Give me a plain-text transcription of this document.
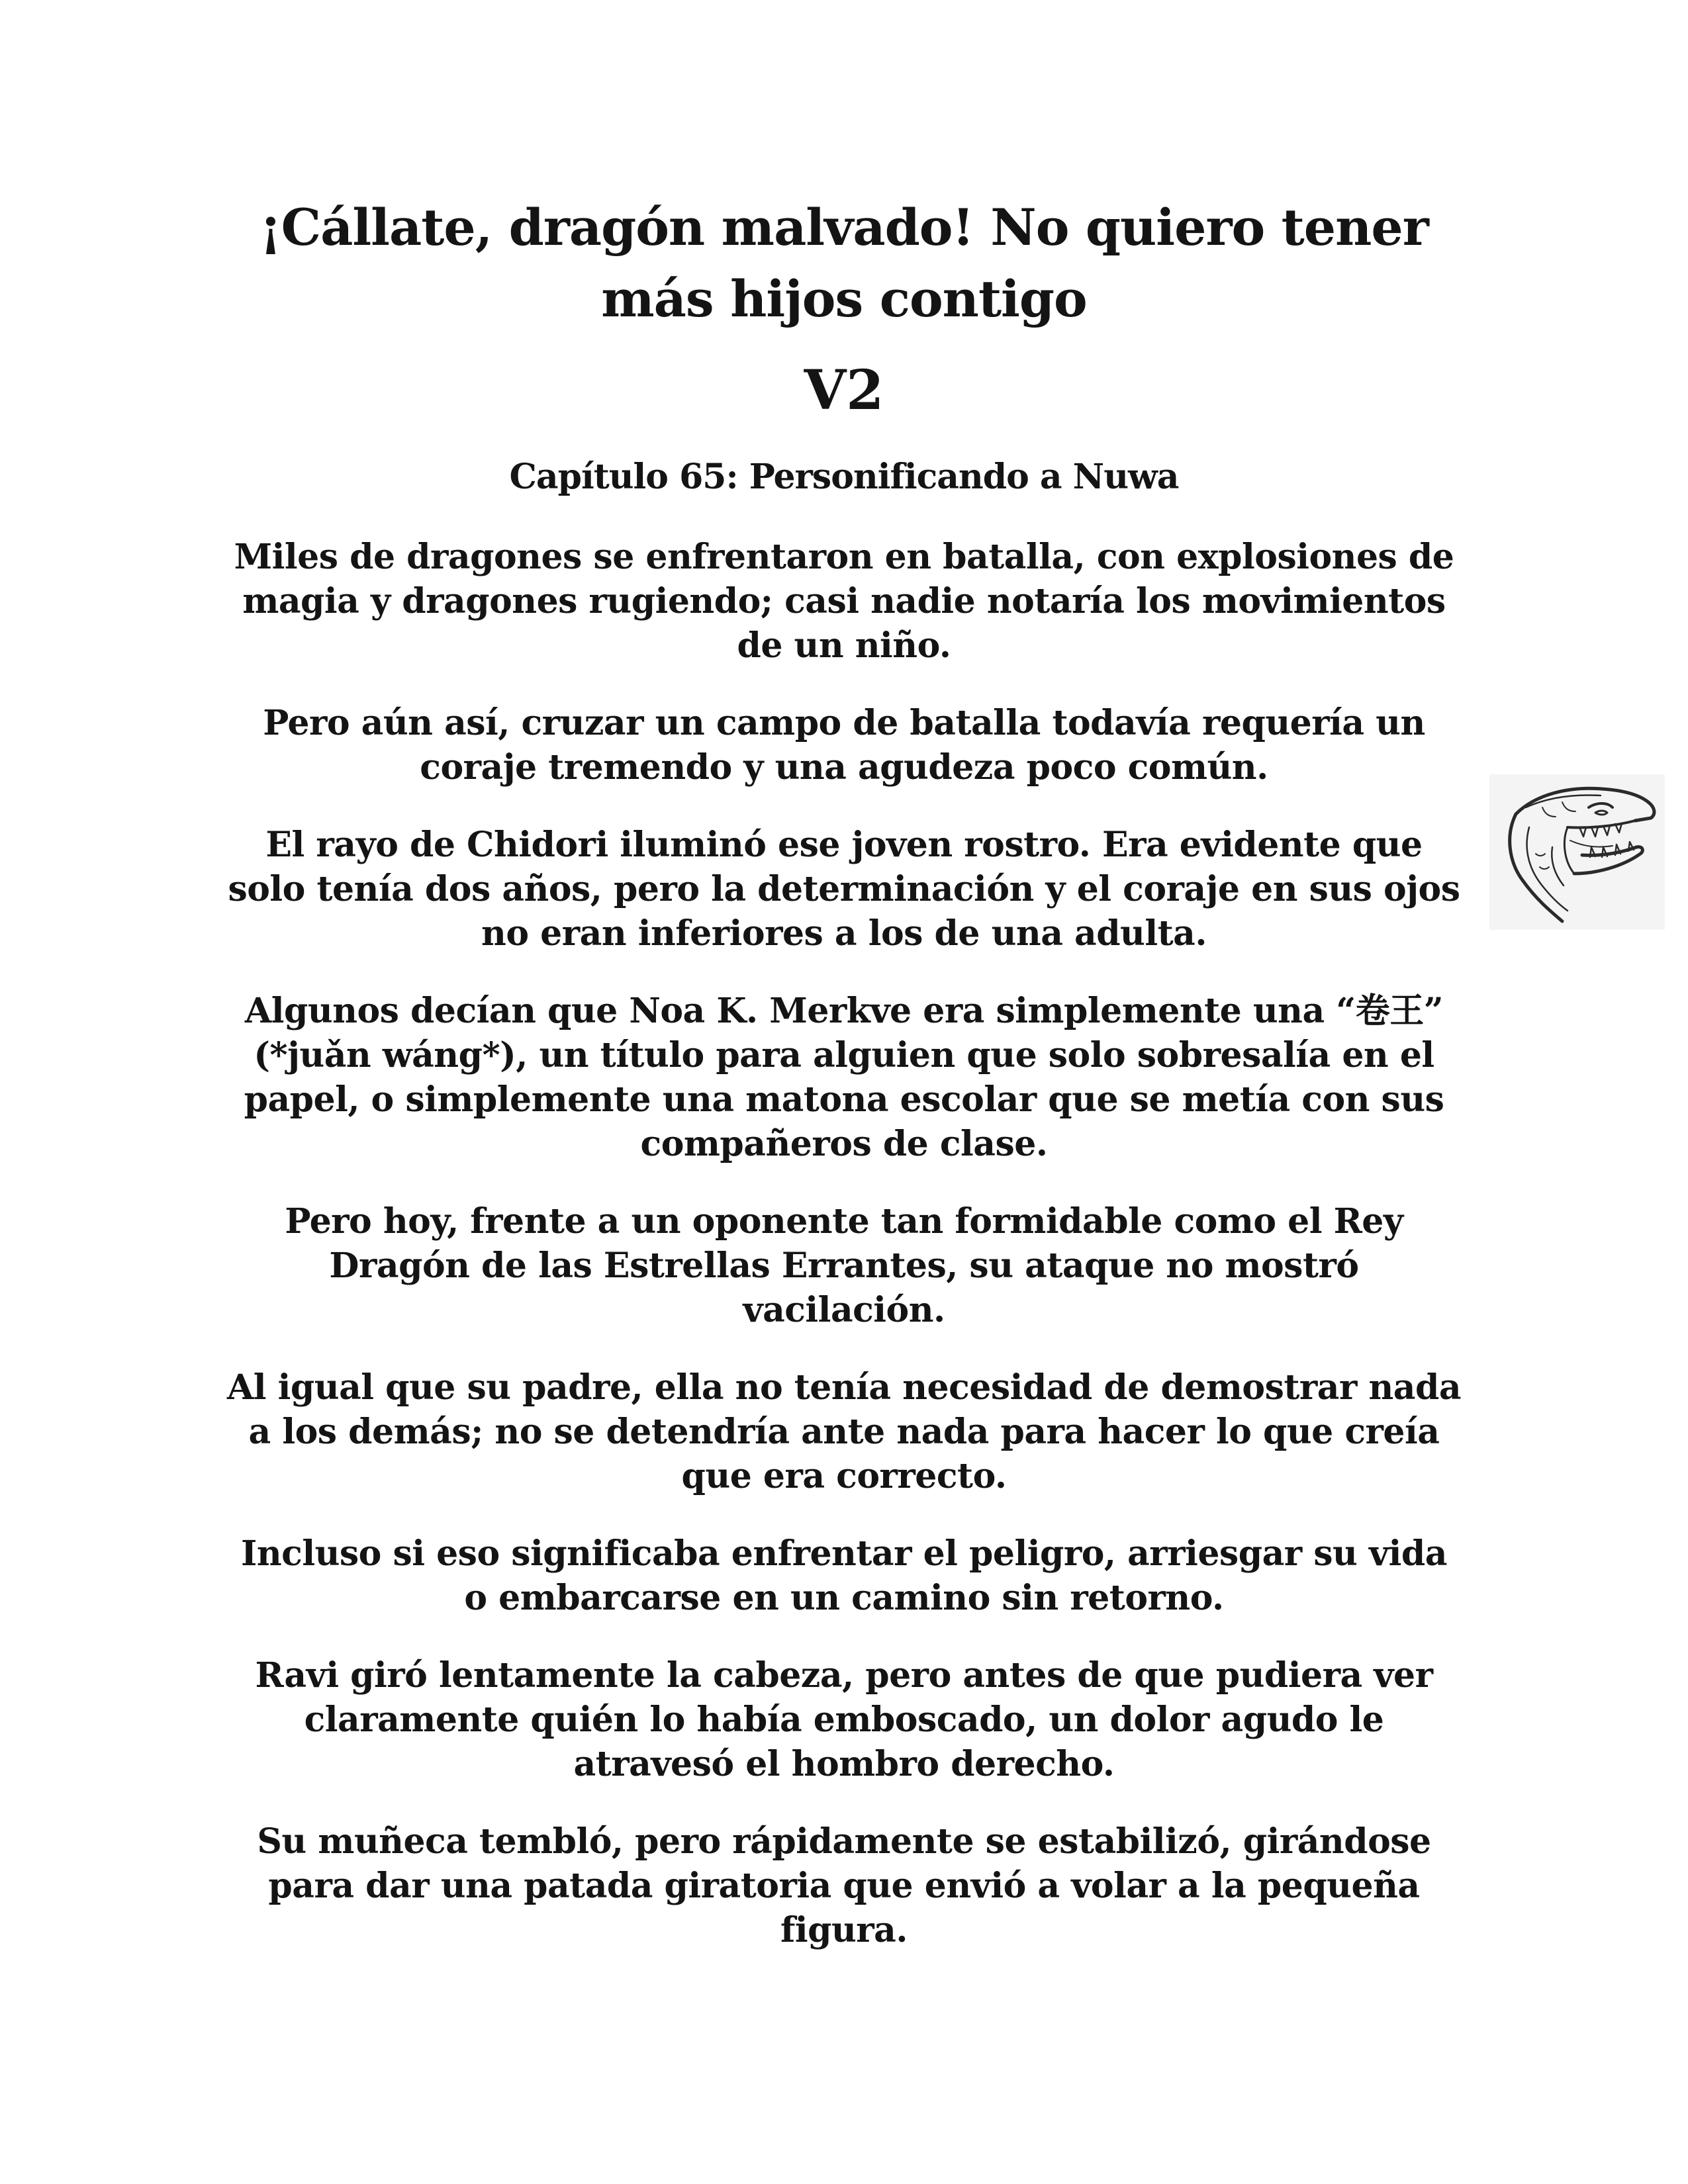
¡Cállate, dragón malvado! No quiero tener más hijos contigo
V2
Capítulo 65: Personificando a Nuwa

Miles de dragones se enfrentaron en batalla, con explosiones de magia y dragones rugiendo; casi nadie notaría los movimientos de un niño.

Pero aún así, cruzar un campo de batalla todavía requería un coraje tremendo y una agudeza poco común.

El rayo de Chidori iluminó ese joven rostro. Era evidente que solo tenía dos años, pero la determinación y el coraje en sus ojos no eran inferiores a los de una adulta.

Algunos decían que Noa K. Merkve era simplemente una “卷王” (*juǎn wáng*), un título para alguien que solo sobresalía en el papel, o simplemente una matona escolar que se metía con sus compañeros de clase.

Pero hoy, frente a un oponente tan formidable como el Rey Dragón de las Estrellas Errantes, su ataque no mostró vacilación.

Al igual que su padre, ella no tenía necesidad de demostrar nada a los demás; no se detendría ante nada para hacer lo que creía que era correcto.

Incluso si eso significaba enfrentar el peligro, arriesgar su vida o embarcarse en un camino sin retorno.

Ravi giró lentamente la cabeza, pero antes de que pudiera ver claramente quién lo había emboscado, un dolor agudo le atravesó el hombro derecho.

Su muñeca tembló, pero rápidamente se estabilizó, girándose para dar una patada giratoria que envió a volar a la pequeña figura.
